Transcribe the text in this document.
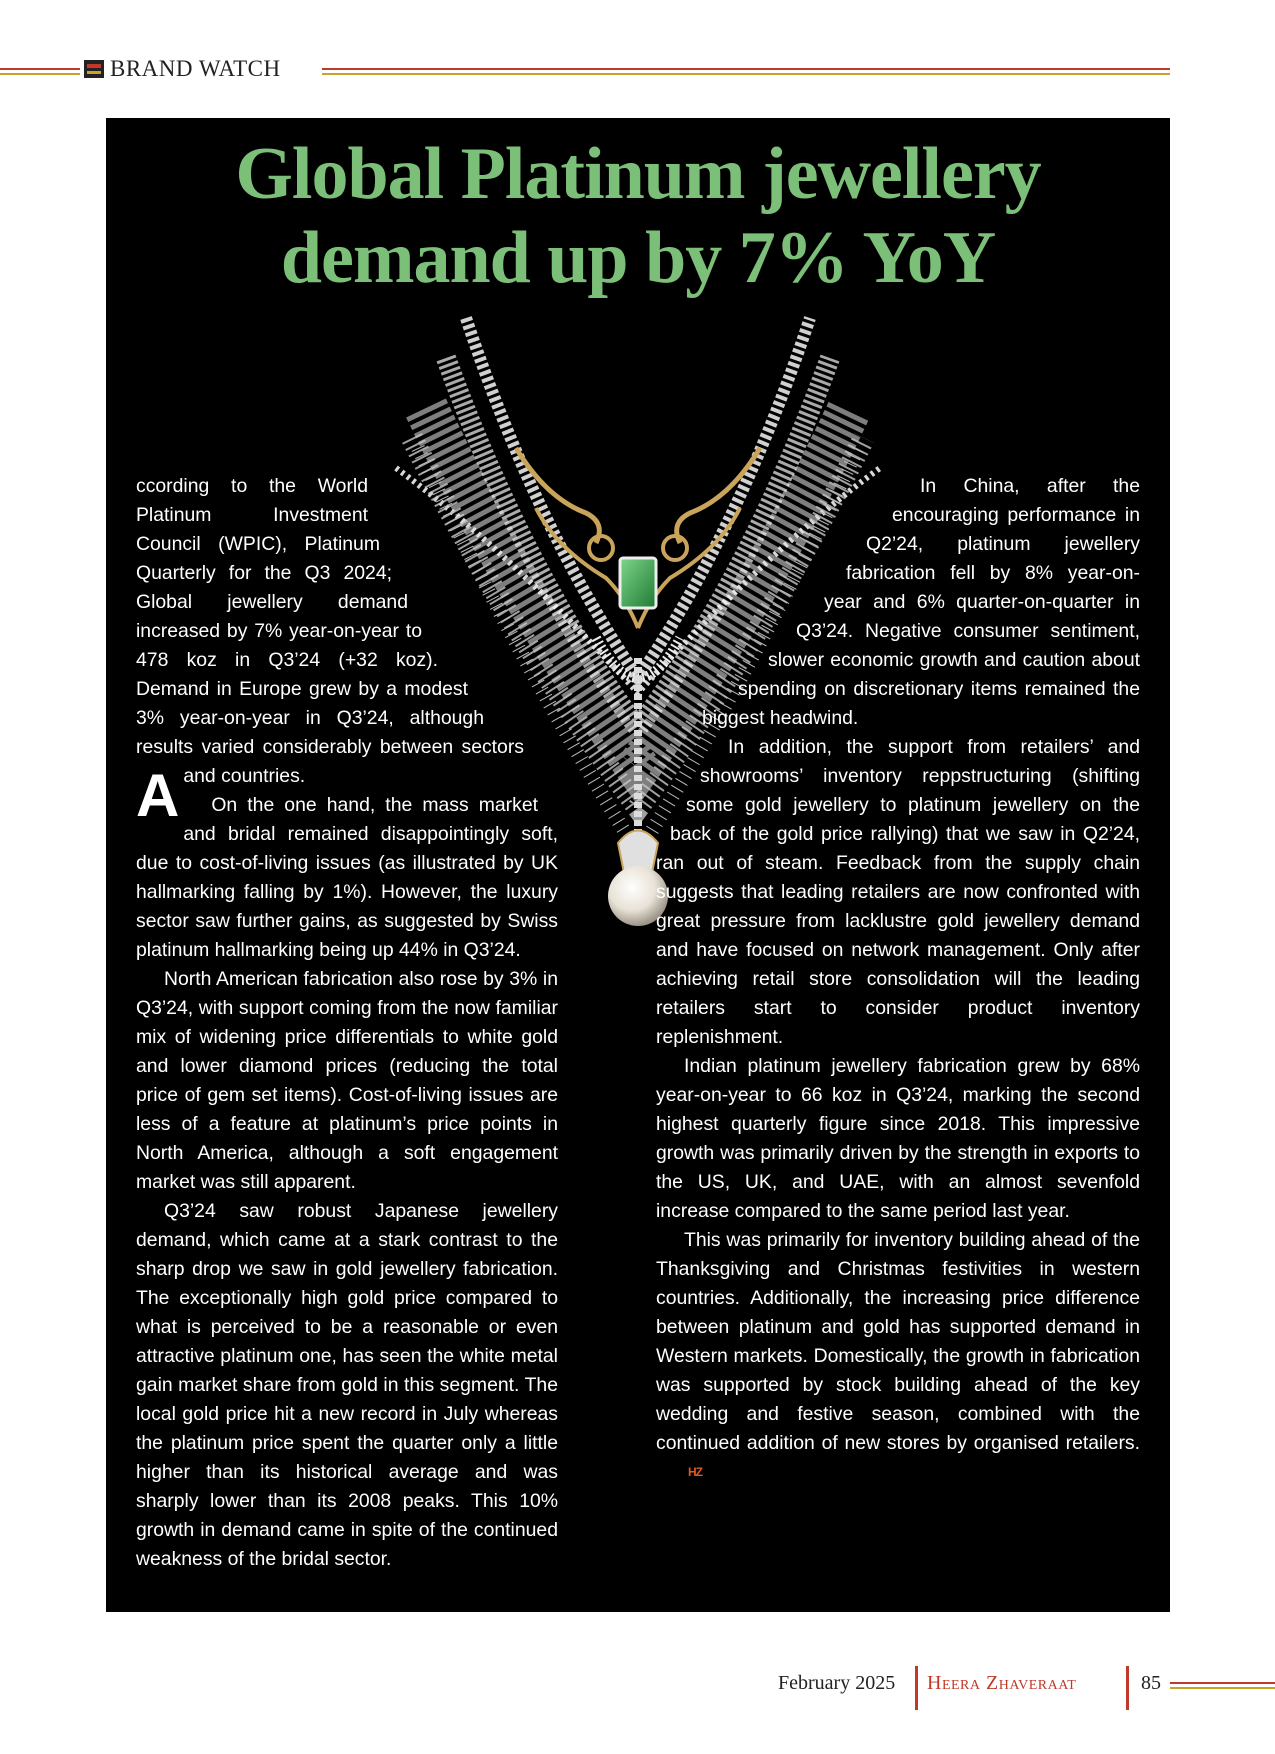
BRAND WATCH
Global Platinum jewellery
demand up by 7% YoY
A

ccording to the World Platinum Investment Council (WPIC), Platinum Quarterly for the Q3 2024; Global jewellery demand increased by 7% year-on-year to 478 koz in Q3’24 (+32 koz). Demand in Europe grew by a modest 3% year-on-year in Q3’24, although results varied considerably between sectors and countries.

On the one hand, the mass market and bridal remained disappointingly soft, due to cost-of-living issues (as illustrated by UK hallmarking falling by 1%). However, the luxury sector saw further gains, as suggested by Swiss platinum hallmarking being up 44% in Q3’24.

North American fabrication also rose by 3% in Q3’24, with support coming from the now familiar mix of widening price differentials to white gold and lower diamond prices (reducing the total price of gem set items). Cost-of-living issues are less of a feature at platinum’s price points in North America, although a soft engagement market was still apparent.

Q3’24 saw robust Japanese jewellery demand, which came at a stark contrast to the sharp drop we saw in gold jewellery fabrication. The exceptionally high gold price compared to what is perceived to be a reasonable or even attractive platinum one, has seen the white metal gain market share from gold in this segment. The local gold price hit a new record in July whereas the platinum price spent the quarter only a little higher than its historical average and was sharply lower than its 2008 peaks. This 10% growth in demand came in spite of the continued weakness of the bridal sector.

In China, after the encouraging performance in Q2’24, platinum jewellery fabrication fell by 8% year-on-year and 6% quarter-on-quarter in Q3’24. Negative consumer sentiment, slower economic growth and caution about spending on discretionary items remained the biggest headwind.

In addition, the support from retailers’ and showrooms’ inventory reppstructuring (shifting some gold jewellery to platinum jewellery on the back of the gold price rallying) that we saw in Q2’24, ran out of steam. Feedback from the supply chain suggests that leading retailers are now confronted with great pressure from lacklustre gold jewellery demand and have focused on network management. Only after achieving retail store consolidation will the leading retailers start to consider product inventory replenishment.

Indian platinum jewellery fabrication grew by 68% year-on-year to 66 koz in Q3’24, marking the second highest quarterly figure since 2018. This impressive growth was primarily driven by the strength in exports to the US, UK, and UAE, with an almost sevenfold increase compared to the same period last year.

This was primarily for inventory building ahead of the Thanksgiving and Christmas festivities in western countries. Additionally, the increasing price difference between platinum and gold has supported demand in Western markets. Domestically, the growth in fabrication was supported by stock building ahead of the key wedding and festive season, combined with the continued addition of new stores by organised retailers.HZ

February 2025 Heera Zhaveraat	85
